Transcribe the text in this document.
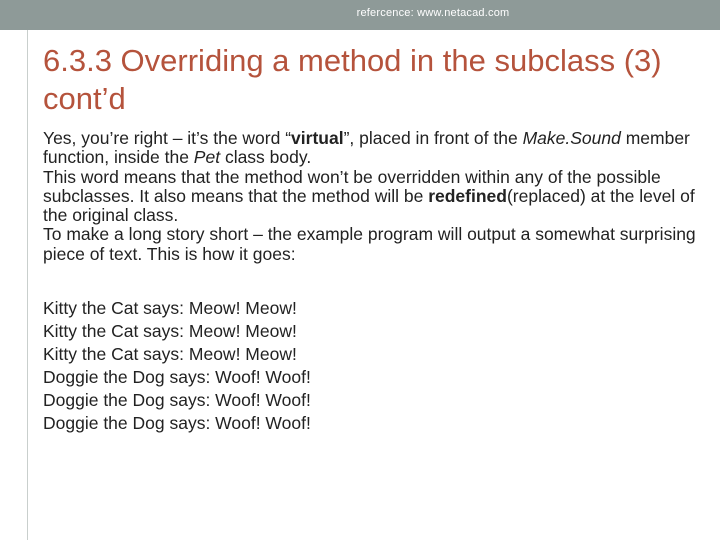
refercence: www.netacad.com
6.3.3 Overriding a method in the subclass (3) cont’d

Yes, you’re right – it’s the word “virtual”, placed in front of the Make.Sound member function, inside the Pet class body.

This word means that the method won’t be overridden within any of the possible subclasses. It also means that the method will be redefined(replaced) at the level of the original class.

To make a long story short – the example program will output a somewhat surprising piece of text. This is how it goes:

Kitty the Cat says: Meow! Meow!

Kitty the Cat says: Meow! Meow!

Kitty the Cat says: Meow! Meow!

Doggie the Dog says: Woof! Woof!

Doggie the Dog says: Woof! Woof!

Doggie the Dog says: Woof! Woof!
